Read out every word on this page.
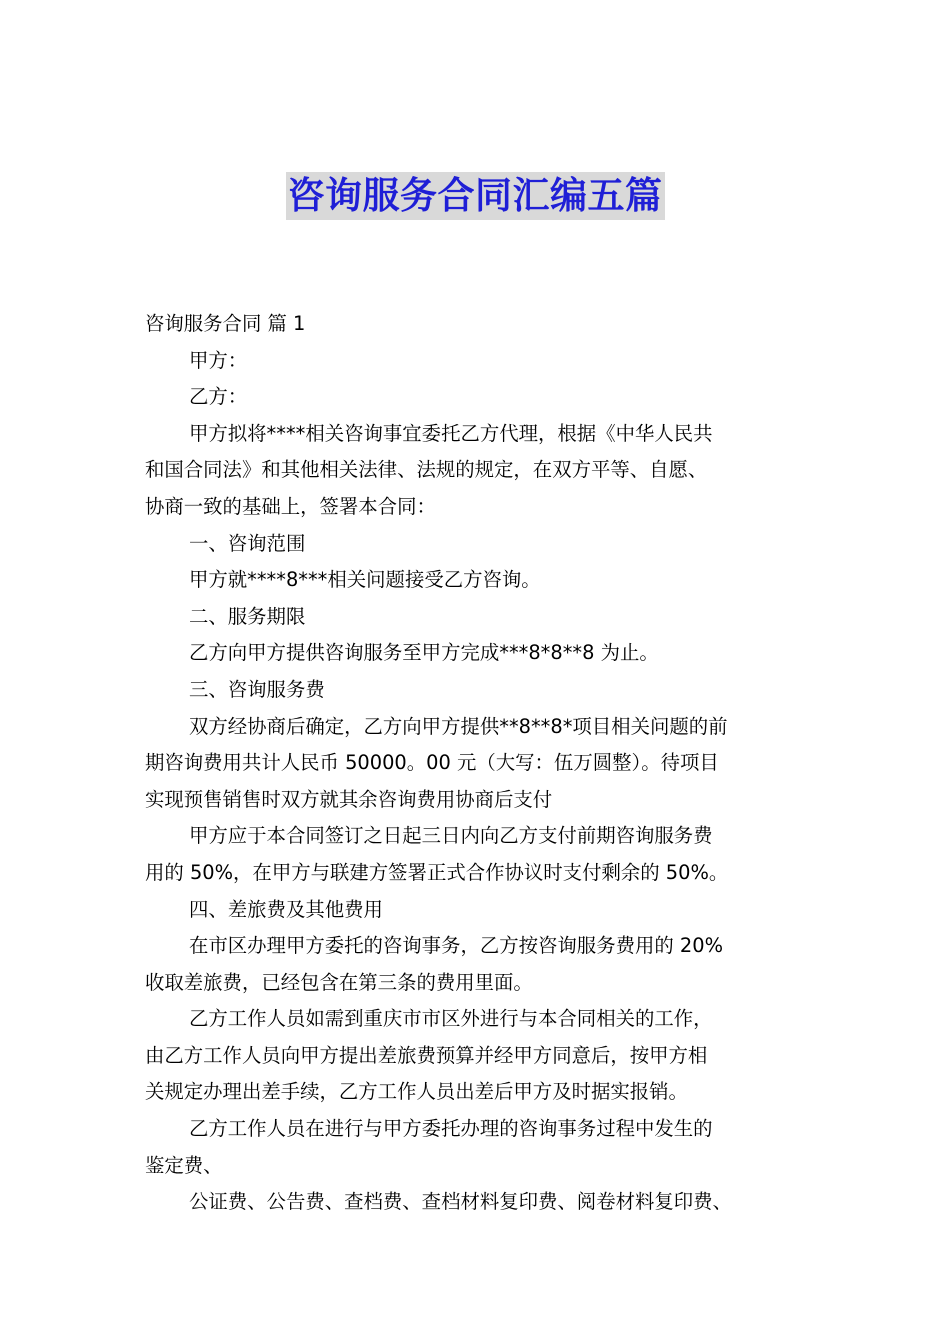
咨询服务合同汇编五篇

咨询服务合同 篇 1

甲方：

乙方：

甲方拟将****相关咨询事宜委托乙方代理，根据《中华人民共

和国合同法》和其他相关法律、法规的规定，在双方平等、自愿、

协商一致的基础上，签署本合同：

一、咨询范围

甲方就****8***相关问题接受乙方咨询。

二、服务期限

乙方向甲方提供咨询服务至甲方完成***8*8**8 为止。

三、咨询服务费

双方经协商后确定，乙方向甲方提供**8**8*项目相关问题的前

期咨询费用共计人民币 50000。00 元（大写：伍万圆整）。待项目

实现预售销售时双方就其余咨询费用协商后支付

甲方应于本合同签订之日起三日内向乙方支付前期咨询服务费

用的 50%，在甲方与联建方签署正式合作协议时支付剩余的 50%。

四、差旅费及其他费用

在市区办理甲方委托的咨询事务，乙方按咨询服务费用的 20%

收取差旅费，已经包含在第三条的费用里面。

乙方工作人员如需到重庆市市区外进行与本合同相关的工作，

由乙方工作人员向甲方提出差旅费预算并经甲方同意后，按甲方相

关规定办理出差手续，乙方工作人员出差后甲方及时据实报销。

乙方工作人员在进行与甲方委托办理的咨询事务过程中发生的

鉴定费、

公证费、公告费、查档费、查档材料复印费、阅卷材料复印费、
